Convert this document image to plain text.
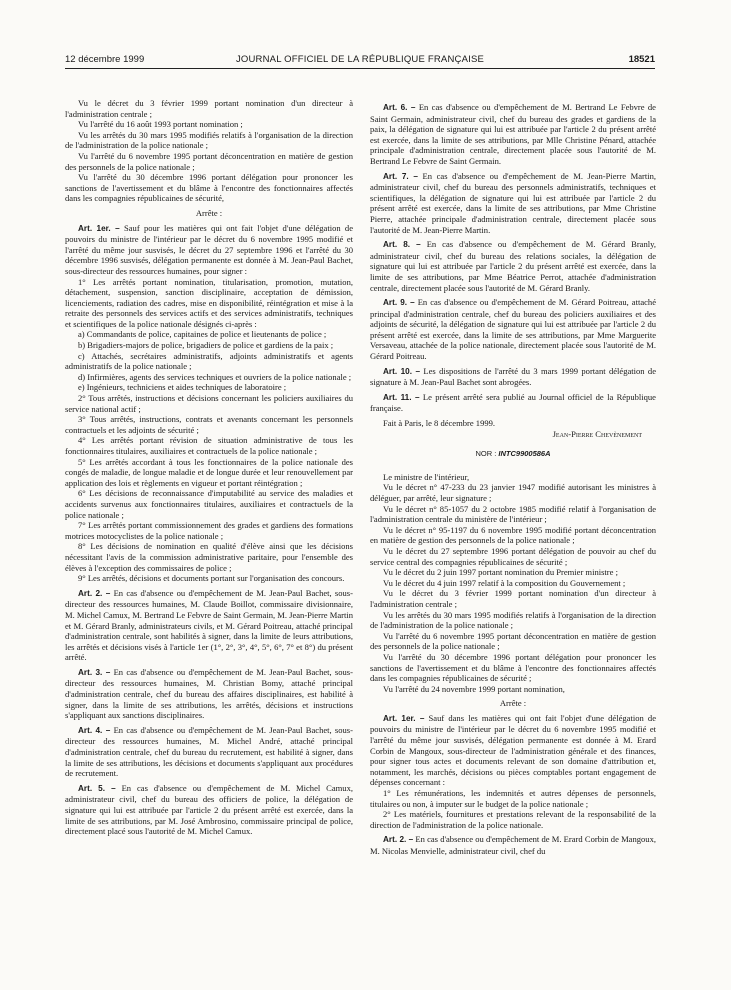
12 décembre 1999	JOURNAL OFFICIEL DE LA RÉPUBLIQUE FRANÇAISE	18521

Vu le décret du 3 février 1999 portant nomination d'un directeur à l'administration centrale ;

Vu l'arrêté du 16 août 1993 portant nomination ;

Vu les arrêtés du 30 mars 1995 modifiés relatifs à l'organisation de la direction de l'administration de la police nationale ;

Vu l'arrêté du 6 novembre 1995 portant déconcentration en matière de gestion des personnels de la police nationale ;

Vu l'arrêté du 30 décembre 1996 portant délégation pour prononcer les sanctions de l'avertissement et du blâme à l'encontre des fonctionnaires affectés dans les compagnies républicaines de sécurité,

Arrête :

Art. 1er. – Sauf pour les matières qui ont fait l'objet d'une délégation de pouvoirs du ministre de l'intérieur par le décret du 6 novembre 1995 modifié et l'arrêté du même jour susvisés, le décret du 27 septembre 1996 et l'arrêté du 30 décembre 1996 susvisés, délégation permanente est donnée à M. Jean-Paul Bachet, sous-directeur des ressources humaines, pour signer :

1° Les arrêtés portant nomination, titularisation, promotion, mutation, détachement, suspension, sanction disciplinaire, acceptation de démission, licenciements, radiation des cadres, mise en disponibilité, réintégration et mise à la retraite des personnels des services actifs et des services administratifs, techniques et scientifiques de la police nationale désignés ci-après :

a) Commandants de police, capitaines de police et lieutenants de police ;

b) Brigadiers-majors de police, brigadiers de police et gardiens de la paix ;

c) Attachés, secrétaires administratifs, adjoints administratifs et agents administratifs de la police nationale ;

d) Infirmières, agents des services techniques et ouvriers de la police nationale ;

e) Ingénieurs, techniciens et aides techniques de laboratoire ;

2° Tous arrêtés, instructions et décisions concernant les policiers auxiliaires du service national actif ;

3° Tous arrêtés, instructions, contrats et avenants concernant les personnels contractuels et les adjoints de sécurité ;

4° Les arrêtés portant révision de situation administrative de tous les fonctionnaires titulaires, auxiliaires et contractuels de la police nationale ;

5° Les arrêtés accordant à tous les fonctionnaires de la police nationale des congés de maladie, de longue maladie et de longue durée et leur renouvellement par application des lois et règlements en vigueur et portant réintégration ;

6° Les décisions de reconnaissance d'imputabilité au service des maladies et accidents survenus aux fonctionnaires titulaires, auxiliaires et contractuels de la police nationale ;

7° Les arrêtés portant commissionnement des grades et gardiens des formations motrices motocyclistes de la police nationale ;

8° Les décisions de nomination en qualité d'élève ainsi que les décisions nécessitant l'avis de la commission administrative paritaire, pour l'ensemble des élèves à l'exception des commissaires de police ;

9° Les arrêtés, décisions et documents portant sur l'organisation des concours.

Art. 2. – En cas d'absence ou d'empêchement de M. Jean-Paul Bachet, sous-directeur des ressources humaines, M. Claude Boillot, commissaire divisionnaire, M. Michel Camux, M. Bertrand Le Febvre de Saint Germain, M. Jean-Pierre Martin et M. Gérard Branly, administrateurs civils, et M. Gérard Poitreau, attaché principal d'administration centrale, sont habilités à signer, dans la limite de leurs attributions, les arrêtés et décisions visés à l'article 1er (1°, 2°, 3°, 4°, 5°, 6°, 7° et 8°) du présent arrêté.

Art. 3. – En cas d'absence ou d'empêchement de M. Jean-Paul Bachet, sous-directeur des ressources humaines, M. Christian Bomy, attaché principal d'administration centrale, chef du bureau des affaires disciplinaires, est habilité à signer, dans la limite de ses attributions, les arrêtés, décisions et instructions s'appliquant aux sanctions disciplinaires.

Art. 4. – En cas d'absence ou d'empêchement de M. Jean-Paul Bachet, sous-directeur des ressources humaines, M. Michel André, attaché principal d'administration centrale, chef du bureau du recrutement, est habilité à signer, dans la limite de ses attributions, les décisions et documents s'appliquant aux procédures de recrutement.

Art. 5. – En cas d'absence ou d'empêchement de M. Michel Camux, administrateur civil, chef du bureau des officiers de police, la délégation de signature qui lui est attribuée par l'article 2 du présent arrêté est exercée, dans la limite de ses attributions, par M. José Ambrosino, commissaire principal de police, directement placé sous l'autorité de M. Michel Camux.

Art. 6. – En cas d'absence ou d'empêchement de M. Bertrand Le Febvre de Saint Germain, administrateur civil, chef du bureau des grades et gardiens de la paix, la délégation de signature qui lui est attribuée par l'article 2 du présent arrêté est exercée, dans la limite de ses attributions, par Mlle Christine Pénard, attachée principale d'administration centrale, directement placée sous l'autorité de M. Bertrand Le Febvre de Saint Germain.

Art. 7. – En cas d'absence ou d'empêchement de M. Jean-Pierre Martin, administrateur civil, chef du bureau des personnels administratifs, techniques et scientifiques, la délégation de signature qui lui est attribuée par l'article 2 du présent arrêté est exercée, dans la limite de ses attributions, par Mme Christine Pierre, attachée principale d'administration centrale, directement placée sous l'autorité de M. Jean-Pierre Martin.

Art. 8. – En cas d'absence ou d'empêchement de M. Gérard Branly, administrateur civil, chef du bureau des relations sociales, la délégation de signature qui lui est attribuée par l'article 2 du présent arrêté est exercée, dans la limite de ses attributions, par Mme Béatrice Perrot, attachée d'administration centrale, directement placée sous l'autorité de M. Gérard Branly.

Art. 9. – En cas d'absence ou d'empêchement de M. Gérard Poitreau, attaché principal d'administration centrale, chef du bureau des policiers auxiliaires et des adjoints de sécurité, la délégation de signature qui lui est attribuée par l'article 2 du présent arrêté est exercée, dans la limite de ses attributions, par Mme Marguerite Versaveau, attachée de la police nationale, directement placée sous l'autorité de M. Gérard Poitreau.

Art. 10. – Les dispositions de l'arrêté du 3 mars 1999 portant délégation de signature à M. Jean-Paul Bachet sont abrogées.

Art. 11. – Le présent arrêté sera publié au Journal officiel de la République française.

Fait à Paris, le 8 décembre 1999.

Jean-Pierre Chevènement

NOR : INTC9900586A

Le ministre de l'intérieur,

Vu le décret n° 47-233 du 23 janvier 1947 modifié autorisant les ministres à déléguer, par arrêté, leur signature ;

Vu le décret n° 85-1057 du 2 octobre 1985 modifié relatif à l'organisation de l'administration centrale du ministère de l'intérieur ;

Vu le décret n° 95-1197 du 6 novembre 1995 modifié portant déconcentration en matière de gestion des personnels de la police nationale ;

Vu le décret du 27 septembre 1996 portant délégation de pouvoir au chef du service central des compagnies républicaines de sécurité ;

Vu le décret du 2 juin 1997 portant nomination du Premier ministre ;

Vu le décret du 4 juin 1997 relatif à la composition du Gouvernement ;

Vu le décret du 3 février 1999 portant nomination d'un directeur à l'administration centrale ;

Vu les arrêtés du 30 mars 1995 modifiés relatifs à l'organisation de la direction de l'administration de la police nationale ;

Vu l'arrêté du 6 novembre 1995 portant déconcentration en matière de gestion des personnels de la police nationale ;

Vu l'arrêté du 30 décembre 1996 portant délégation pour prononcer les sanctions de l'avertissement et du blâme à l'encontre des fonctionnaires affectés dans les compagnies républicaines de sécurité ;

Vu l'arrêté du 24 novembre 1999 portant nomination,

Arrête :

Art. 1er. – Sauf dans les matières qui ont fait l'objet d'une délégation de pouvoirs du ministre de l'intérieur par le décret du 6 novembre 1995 modifié et l'arrêté du même jour susvisés, délégation permanente est donnée à M. Erard Corbin de Mangoux, sous-directeur de l'administration générale et des finances, pour signer tous actes et documents relevant de son domaine d'attribution et, notamment, les marchés, décisions ou pièces comptables portant engagement de dépenses concernant :

1° Les rémunérations, les indemnités et autres dépenses de personnels, titulaires ou non, à imputer sur le budget de la police nationale ;

2° Les matériels, fournitures et prestations relevant de la responsabilité de la direction de l'administration de la police nationale.

Art. 2. – En cas d'absence ou d'empêchement de M. Erard Corbin de Mangoux, M. Nicolas Menvielle, administrateur civil, chef du
